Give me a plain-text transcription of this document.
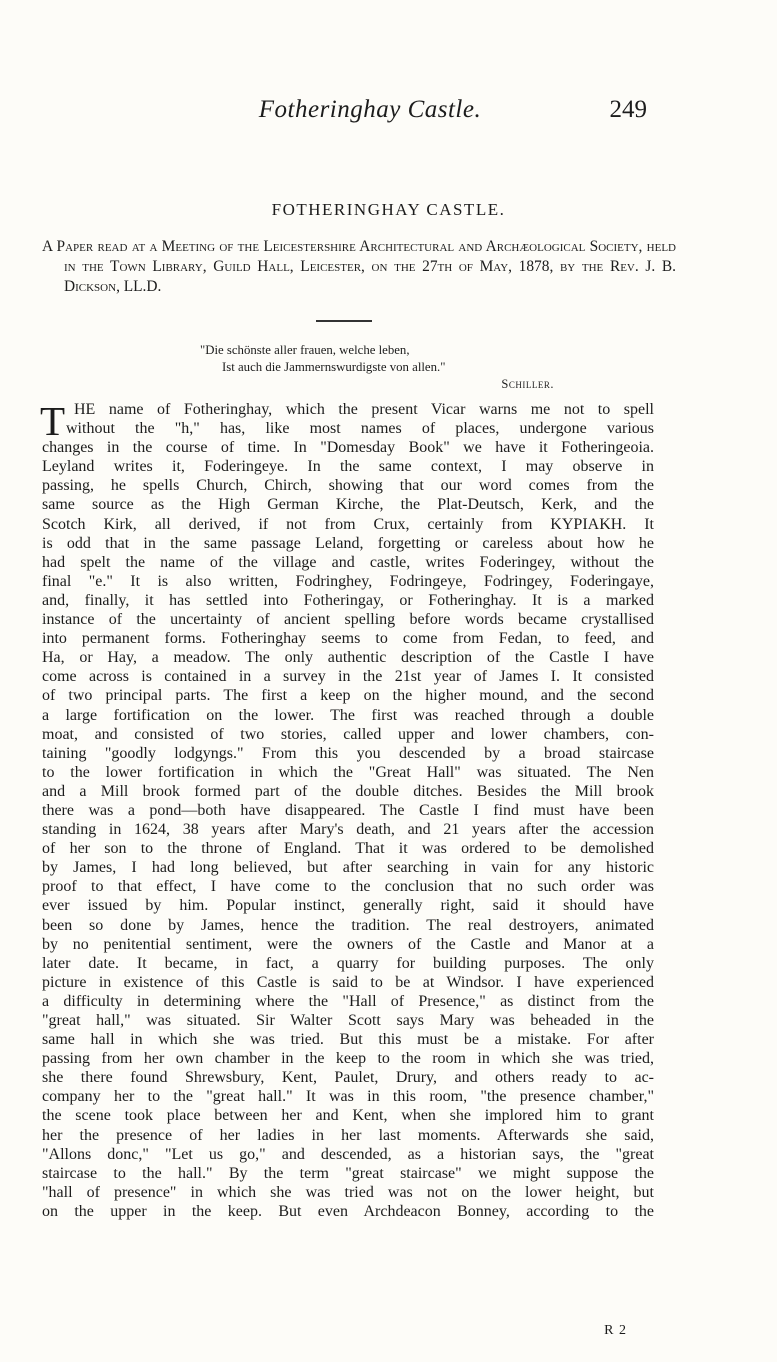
Fotheringhay Castle.	249
FOTHERINGHAY CASTLE.
A Paper read at a Meeting of the Leicestershire Architectural and Archæological Society, held in the Town Library, Guild Hall, Leicester, on the 27th of May, 1878, by the Rev. J. B. Dickson, LL.D.
"Die schönste aller frauen, welche leben,
Ist auch die Jammernswurdigste von allen."
Schiller.
T HE name of Fotheringhay, which the present Vicar warns me not to spell
without the "h," has, like most names of places, undergone various
changes in the course of time. In "Domesday Book" we have it Fotheringeoia.
Leyland writes it, Foderingeye. In the same context, I may observe in
passing, he spells Church, Chirch, showing that our word comes from the
same source as the High German Kirche, the Plat-Deutsch, Kerk, and the
Scotch Kirk, all derived, if not from Crux, certainly from ΚΥΡΙΑΚΗ. It
is odd that in the same passage Leland, forgetting or careless about how he
had spelt the name of the village and castle, writes Foderingey, without the
final "e." It is also written, Fodringhey, Fodringeye, Fodringey, Foderingaye,
and, finally, it has settled into Fotheringay, or Fotheringhay. It is a marked
instance of the uncertainty of ancient spelling before words became crystallised
into permanent forms. Fotheringhay seems to come from Fedan, to feed, and
Ha, or Hay, a meadow. The only authentic description of the Castle I have
come across is contained in a survey in the 21st year of James I. It consisted
of two principal parts. The first a keep on the higher mound, and the second
a large fortification on the lower. The first was reached through a double
moat, and consisted of two stories, called upper and lower chambers, con-
taining "goodly lodgyngs." From this you descended by a broad staircase
to the lower fortification in which the "Great Hall" was situated. The Nen
and a Mill brook formed part of the double ditches. Besides the Mill brook
there was a pond—both have disappeared. The Castle I find must have been
standing in 1624, 38 years after Mary's death, and 21 years after the accession
of her son to the throne of England. That it was ordered to be demolished
by James, I had long believed, but after searching in vain for any historic
proof to that effect, I have come to the conclusion that no such order was
ever issued by him. Popular instinct, generally right, said it should have
been so done by James, hence the tradition. The real destroyers, animated
by no penitential sentiment, were the owners of the Castle and Manor at a
later date. It became, in fact, a quarry for building purposes. The only
picture in existence of this Castle is said to be at Windsor. I have experienced
a difficulty in determining where the "Hall of Presence," as distinct from the
"great hall," was situated. Sir Walter Scott says Mary was beheaded in the
same hall in which she was tried. But this must be a mistake. For after
passing from her own chamber in the keep to the room in which she was tried,
she there found Shrewsbury, Kent, Paulet, Drury, and others ready to ac-
company her to the "great hall." It was in this room, "the presence chamber,"
the scene took place between her and Kent, when she implored him to grant
her the presence of her ladies in her last moments. Afterwards she said,
"Allons donc," "Let us go," and descended, as a historian says, the "great
staircase to the hall." By the term "great staircase" we might suppose the
"hall of presence" in which she was tried was not on the lower height, but
on the upper in the keep. But even Archdeacon Bonney, according to the
R 2
